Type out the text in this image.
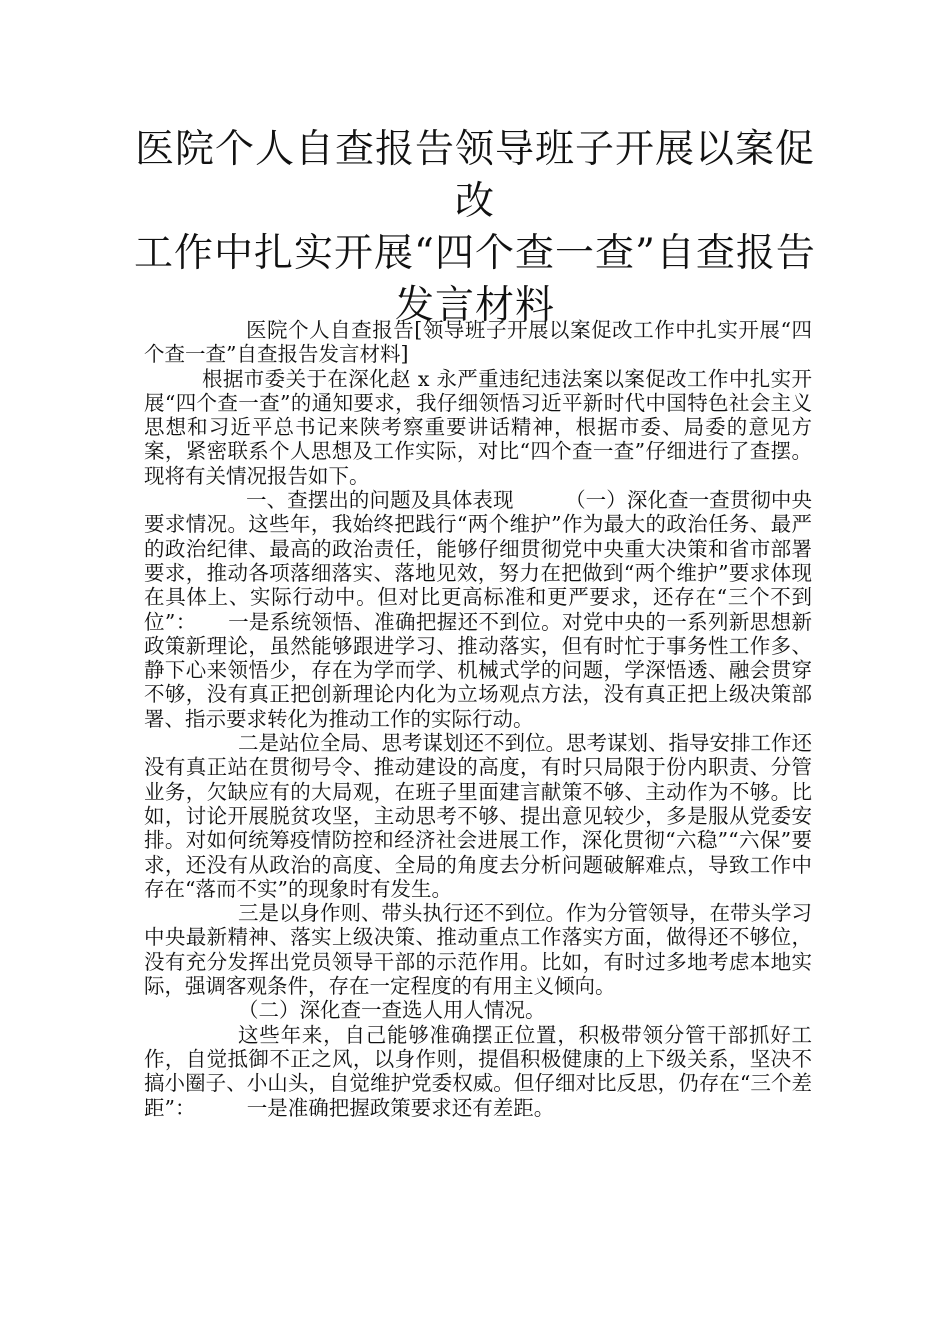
医院个人自查报告领导班子开展以案促改
工作中扎实开展“四个查一查”自查报告
发言材料

医院个人自查报告[领导班子开展以案促改工作中扎实开展“四个查一查”自查报告发言材料]

根据市委关于在深化赵 x 永严重违纪违法案以案促改工作中扎实开展“四个查一查”的通知要求，我仔细领悟习近平新时代中国特色社会主义思想和习近平总书记来陕考察重要讲话精神，根据市委、局委的意见方案，紧密联系个人思想及工作实际，对比“四个查一查”仔细进行了查摆。现将有关情况报告如下。

一、查摆出的问题及具体表现　　　（一）深化查一查贯彻中央要求情况。这些年，我始终把践行“两个维护”作为最大的政治任务、最严的政治纪律、最高的政治责任，能够仔细贯彻党中央重大决策和省市部署要求，推动各项落细落实、落地见效，努力在把做到“两个维护”要求体现在具体上、实际行动中。但对比更高标准和更严要求，还存在“三个不到位”：　　一是系统领悟、准确把握还不到位。对党中央的一系列新思想新政策新理论，虽然能够跟进学习、推动落实，但有时忙于事务性工作多、静下心来领悟少，存在为学而学、机械式学的问题，学深悟透、融会贯穿不够，没有真正把创新理论内化为立场观点方法，没有真正把上级决策部署、指示要求转化为推动工作的实际行动。

二是站位全局、思考谋划还不到位。思考谋划、指导安排工作还没有真正站在贯彻号令、推动建设的高度，有时只局限于份内职责、分管业务，欠缺应有的大局观，在班子里面建言献策不够、主动作为不够。比如，讨论开展脱贫攻坚，主动思考不够、提出意见较少，多是服从党委安排。对如何统筹疫情防控和经济社会进展工作，深化贯彻“六稳”“六保”要求，还没有从政治的高度、全局的角度去分析问题破解难点，导致工作中存在“落而不实”的现象时有发生。

三是以身作则、带头执行还不到位。作为分管领导，在带头学习中央最新精神、落实上级决策、推动重点工作落实方面，做得还不够位，没有充分发挥出党员领导干部的示范作用。比如，有时过多地考虑本地实际，强调客观条件，存在一定程度的有用主义倾向。

（二）深化查一查选人用人情况。

这些年来，自己能够准确摆正位置，积极带领分管干部抓好工作，自觉抵御不正之风，以身作则，提倡积极健康的上下级关系，坚决不搞小圈子、小山头，自觉维护党委权威。但仔细对比反思，仍存在“三个差距”：　　　一是准确把握政策要求还有差距。
